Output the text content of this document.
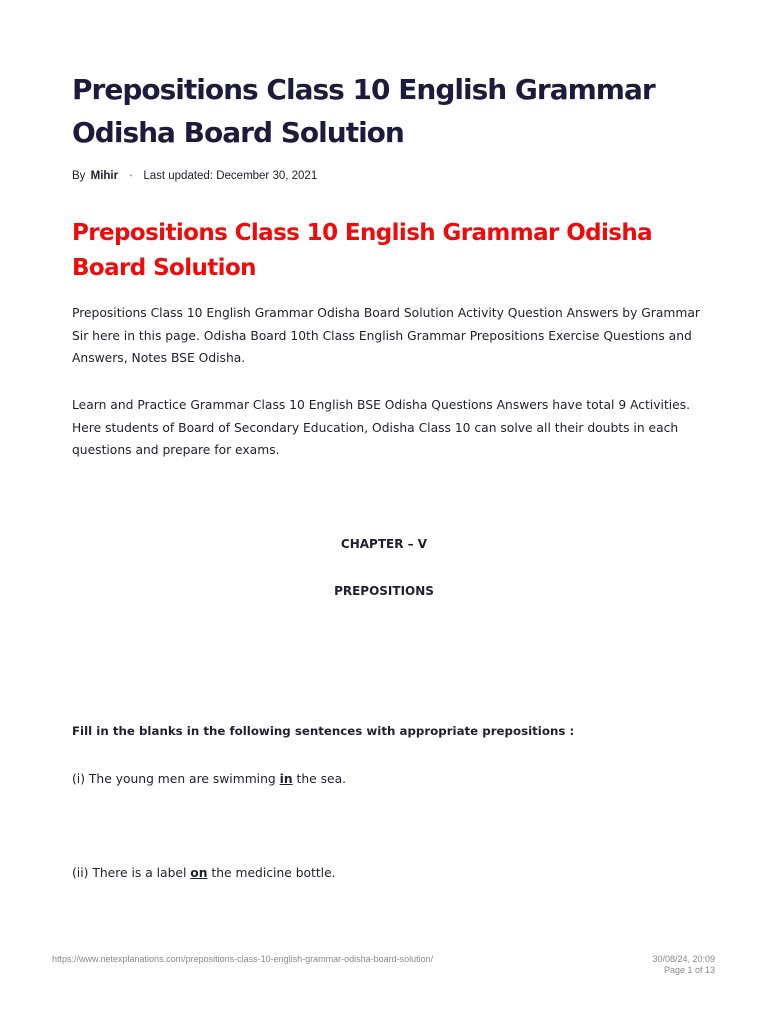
Prepositions Class 10 English Grammar Odisha Board Solution
By Mihir • Last updated: December 30, 2021
Prepositions Class 10 English Grammar Odisha Board Solution

Prepositions Class 10 English Grammar Odisha Board Solution Activity Question Answers by Grammar Sir here in this page. Odisha Board 10th Class English Grammar Prepositions Exercise Questions and Answers, Notes BSE Odisha.

Learn and Practice Grammar Class 10 English BSE Odisha Questions Answers have total 9 Activities. Here students of Board of Secondary Education, Odisha Class 10 can solve all their doubts in each questions and prepare for exams.

CHAPTER – V

PREPOSITIONS

Fill in the blanks in the following sentences with appropriate prepositions :

(i) The young men are swimming in the sea.

(ii) There is a label on the medicine bottle.

https://www.netexplanations.com/prepositions-class-10-english-grammar-odisha-board-solution/	30/08/24, 20:09
Page 1 of 13
